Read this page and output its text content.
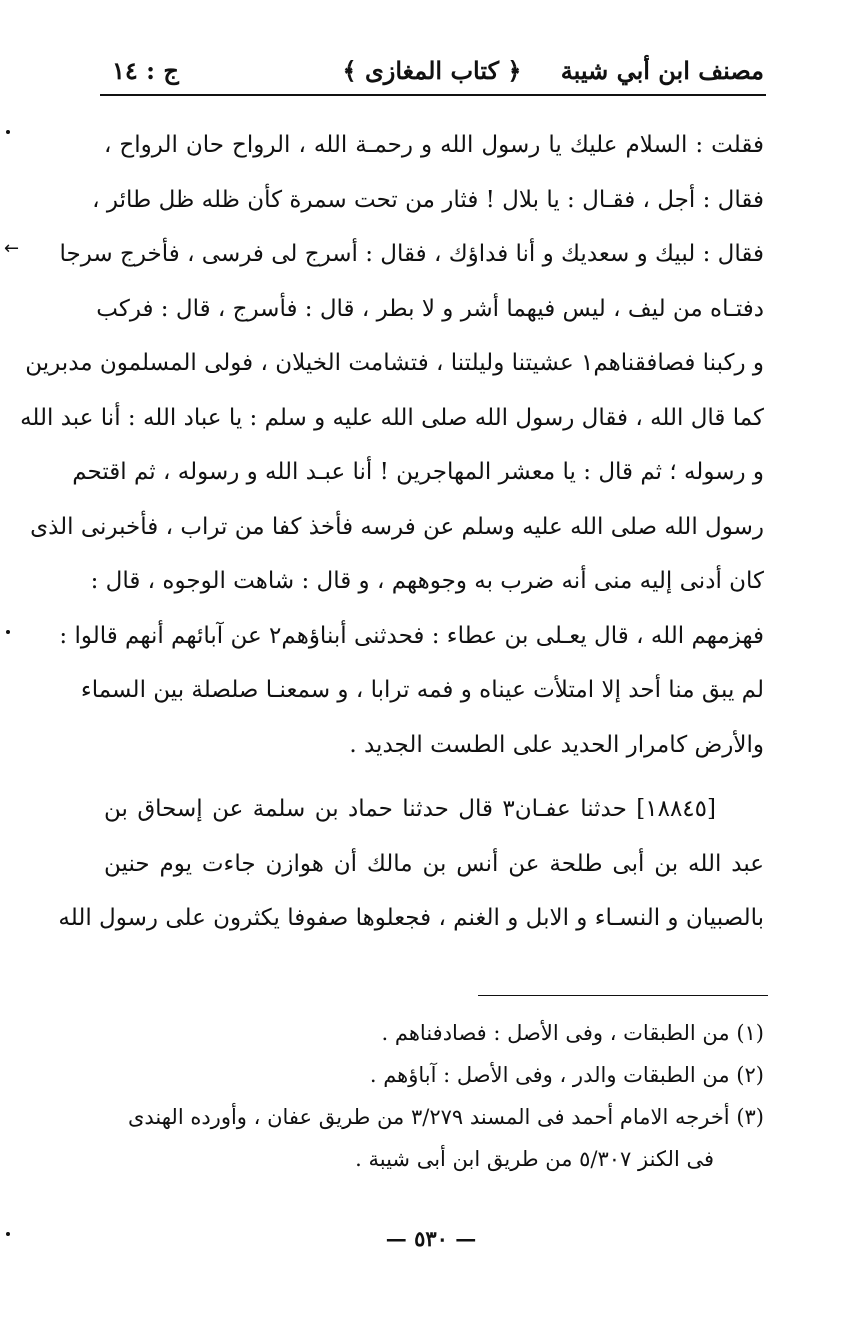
مصنف ابن أبي شيبة
﴿ كتاب المغازى ﴾
ج : ١٤
فقلت : السلام عليك يا رسول الله و رحمـة الله ، الرواح حان الرواح ،
فقال : أجل ، فقـال : يا بلال ! فثار من تحت سمرة كأن ظله ظل طائر ،
فقال : لبيك و سعديك و أنا فداؤك ، فقال : أسرج لى فرسى ، فأخرج سرجا
دفتـاه من ليف ، ليس فيهما أشر و لا بطر ، قال : فأسرج ، قال : فركب
و ركبنا فصافقناهم١ عشيتنا وليلتنا ، فتشامت الخيلان ، فولى المسلمون مدبرين
كما قال الله ، فقال رسول الله صلى الله عليه و سلم : يا عباد الله : أنا عبد الله
و رسوله ؛ ثم قال : يا معشر المهاجرين ! أنا عبـد الله و رسوله ، ثم اقتحم
رسول الله صلى الله عليه وسلم عن فرسه فأخذ كفا من تراب ، فأخبرنى الذى
كان أدنى إليه منى أنه ضرب به وجوههم ، و قال : شاهت الوجوه ، قال :
فهزمهم الله ، قال يعـلى بن عطاء : فحدثنى أبناؤهم٢ عن آبائهم أنهم قالوا :
لم يبق منا أحد إلا امتلأت عيناه و فمه ترابا ، و سمعنـا صلصلة بين السماء
والأرض كامرار الحديد على الطست الجديد .
[١٨٨٤٥] حدثنا عفـان٣ قال حدثنا حماد بن سلمة عن إسحاق بن
عبد الله بن أبى طلحة عن أنس بن مالك أن هوازن جاءت يوم حنين
بالصبيان و النسـاء و الابل و الغنم ، فجعلوها صفوفا يكثرون على رسول الله
(١) من الطبقات ، وفى الأصل : فصادفناهم .
(٢) من الطبقات والدر ، وفى الأصل : آباؤهم .
(٣) أخرجه الامام أحمد فى المسند ٣/٢٧٩ من طريق عفان ، وأورده الهندى
فى الكنز ٥/٣٠٧ من طريق ابن أبى شيبة .
— ٥٣٠ —
←
